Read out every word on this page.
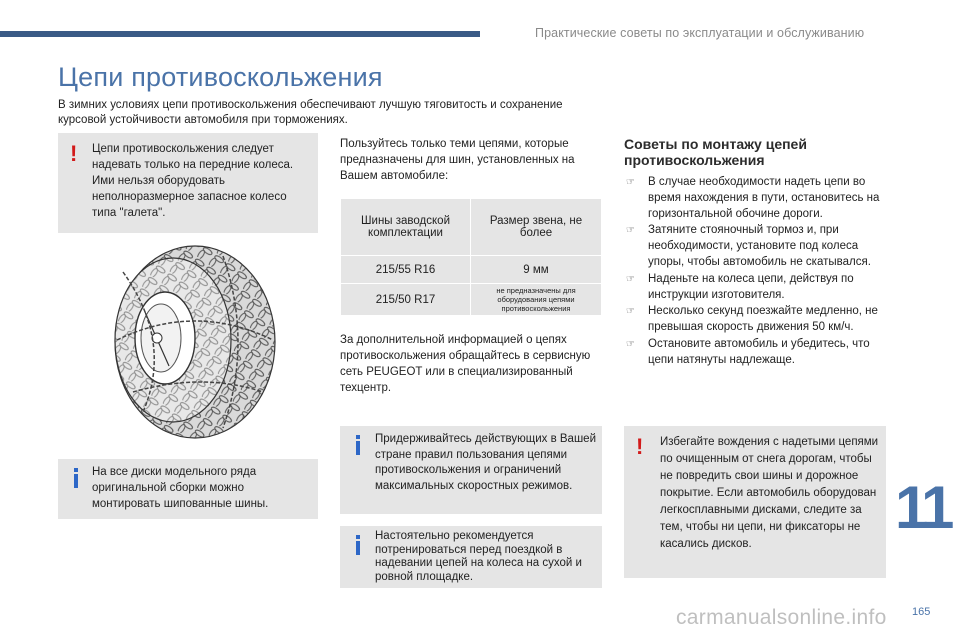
Практические советы по эксплуатации и обслуживанию
Цепи противоскольжения

В зимних условиях цепи противоскольжения обеспечивают лучшую тяговитость и сохранение курсовой устойчивости автомобиля при торможениях.

! Цепи противоскольжения следует надевать только на передние колеса. Ими нельзя оборудовать неполноразмерное запасное колесо типа "галета".
На все диски модельного ряда оригинальной сборки можно монтировать шипованные шины.
Пользуйтесь только теми цепями, которые предназначены для шин, установленных на Вашем автомобиле:
Шины заводской комплектации	Размер звена, не более
215/55 R16	9 мм
215/50 R17	не предназначены для оборудования цепями противоскольжения
За дополнительной информацией о цепях противоскольжения обращайтесь в сервисную сеть PEUGEOT или в специализированный техцентр.
Придерживайтесь действующих в Вашей стране правил пользования цепями противоскольжения и ограничений максимальных скоростных режимов.
Настоятельно рекомендуется потренироваться перед поездкой в надевании цепей на колеса на сухой и ровной площадке.
Советы по монтажу цепей противоскольжения
☞ В случае необходимости надеть цепи во время нахождения в пути, остановитесь на горизонтальной обочине дороги.
☞ Затяните стояночный тормоз и, при необходимости, установите под колеса упоры, чтобы автомобиль не скатывался.
☞ Наденьте на колеса цепи, действуя по инструкции изготовителя.
☞ Несколько секунд поезжайте медленно, не превышая скорость движения 50 км/ч.
☞ Остановите автомобиль и убедитесь, что цепи натянуты надлежаще.
! Избегайте вождения с надетыми цепями по очищенным от снега дорогам, чтобы не повредить свои шины и дорожное покрытие. Если автомобиль оборудован легкосплавными дисками, следите за тем, чтобы ни цепи, ни фиксаторы не касались дисков.
11
carmanualsonline.info 165
